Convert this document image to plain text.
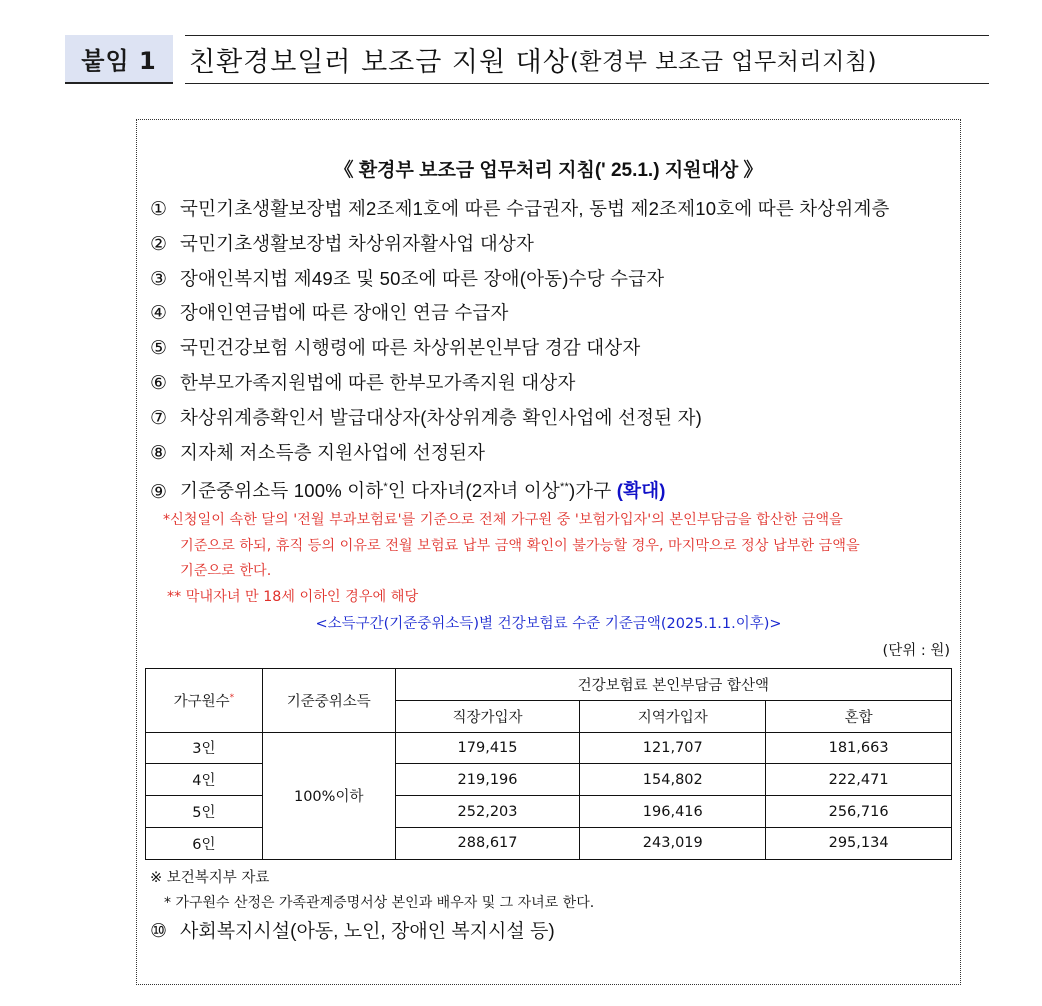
붙임 1	친환경보일러 보조금 지원 대상 (환경부 보조금 업무처리지침)
《 환경부 보조금 업무처리 지침(' 25.1.) 지원대상 》
① 국민기초생활보장법 제2조제1호에 따른 수급권자, 동법 제2조제10호에 따른 차상위계층
② 국민기초생활보장법 차상위자활사업 대상자
③ 장애인복지법 제49조 및 50조에 따른 장애(아동)수당 수급자
④ 장애인연금법에 따른 장애인 연금 수급자
⑤ 국민건강보험 시행령에 따른 차상위본인부담 경감 대상자
⑥ 한부모가족지원법에 따른 한부모가족지원 대상자
⑦ 차상위계층확인서 발급대상자(차상위계층 확인사업에 선정된 자)
⑧ 지자체 저소득층 지원사업에 선정된자
⑨ 기준중위소득 100% 이하*인 다자녀(2자녀 이상**)가구 (확대)
*신청일이 속한 달의 '전월 부과보험료'를 기준으로 전체 가구원 중 '보험가입자'의 본인부담금을 합산한 금액을
기준으로 하되, 휴직 등의 이유로 전월 보험료 납부 금액 확인이 불가능할 경우, 마지막으로 정상 납부한 금액을
기준으로 한다.
** 막내자녀 만 18세 이하인 경우에 해당
<소득구간(기준중위소득)별 건강보험료 수준 기준금액(2025.1.1.이후)>
(단위 : 원)
가구원수*	기준중위소득	건강보험료 본인부담금 합산액		
		직장가입자	지역가입자	혼합
3인	100%이하	179,415	121,707	181,663
4인		219,196	154,802	222,471
5인		252,203	196,416	256,716
6인		288,617	243,019	295,134
※ 보건복지부 자료
* 가구원수 산정은 가족관계증명서상 본인과 배우자 및 그 자녀로 한다.
⑩ 사회복지시설(아동, 노인, 장애인 복지시설 등)
